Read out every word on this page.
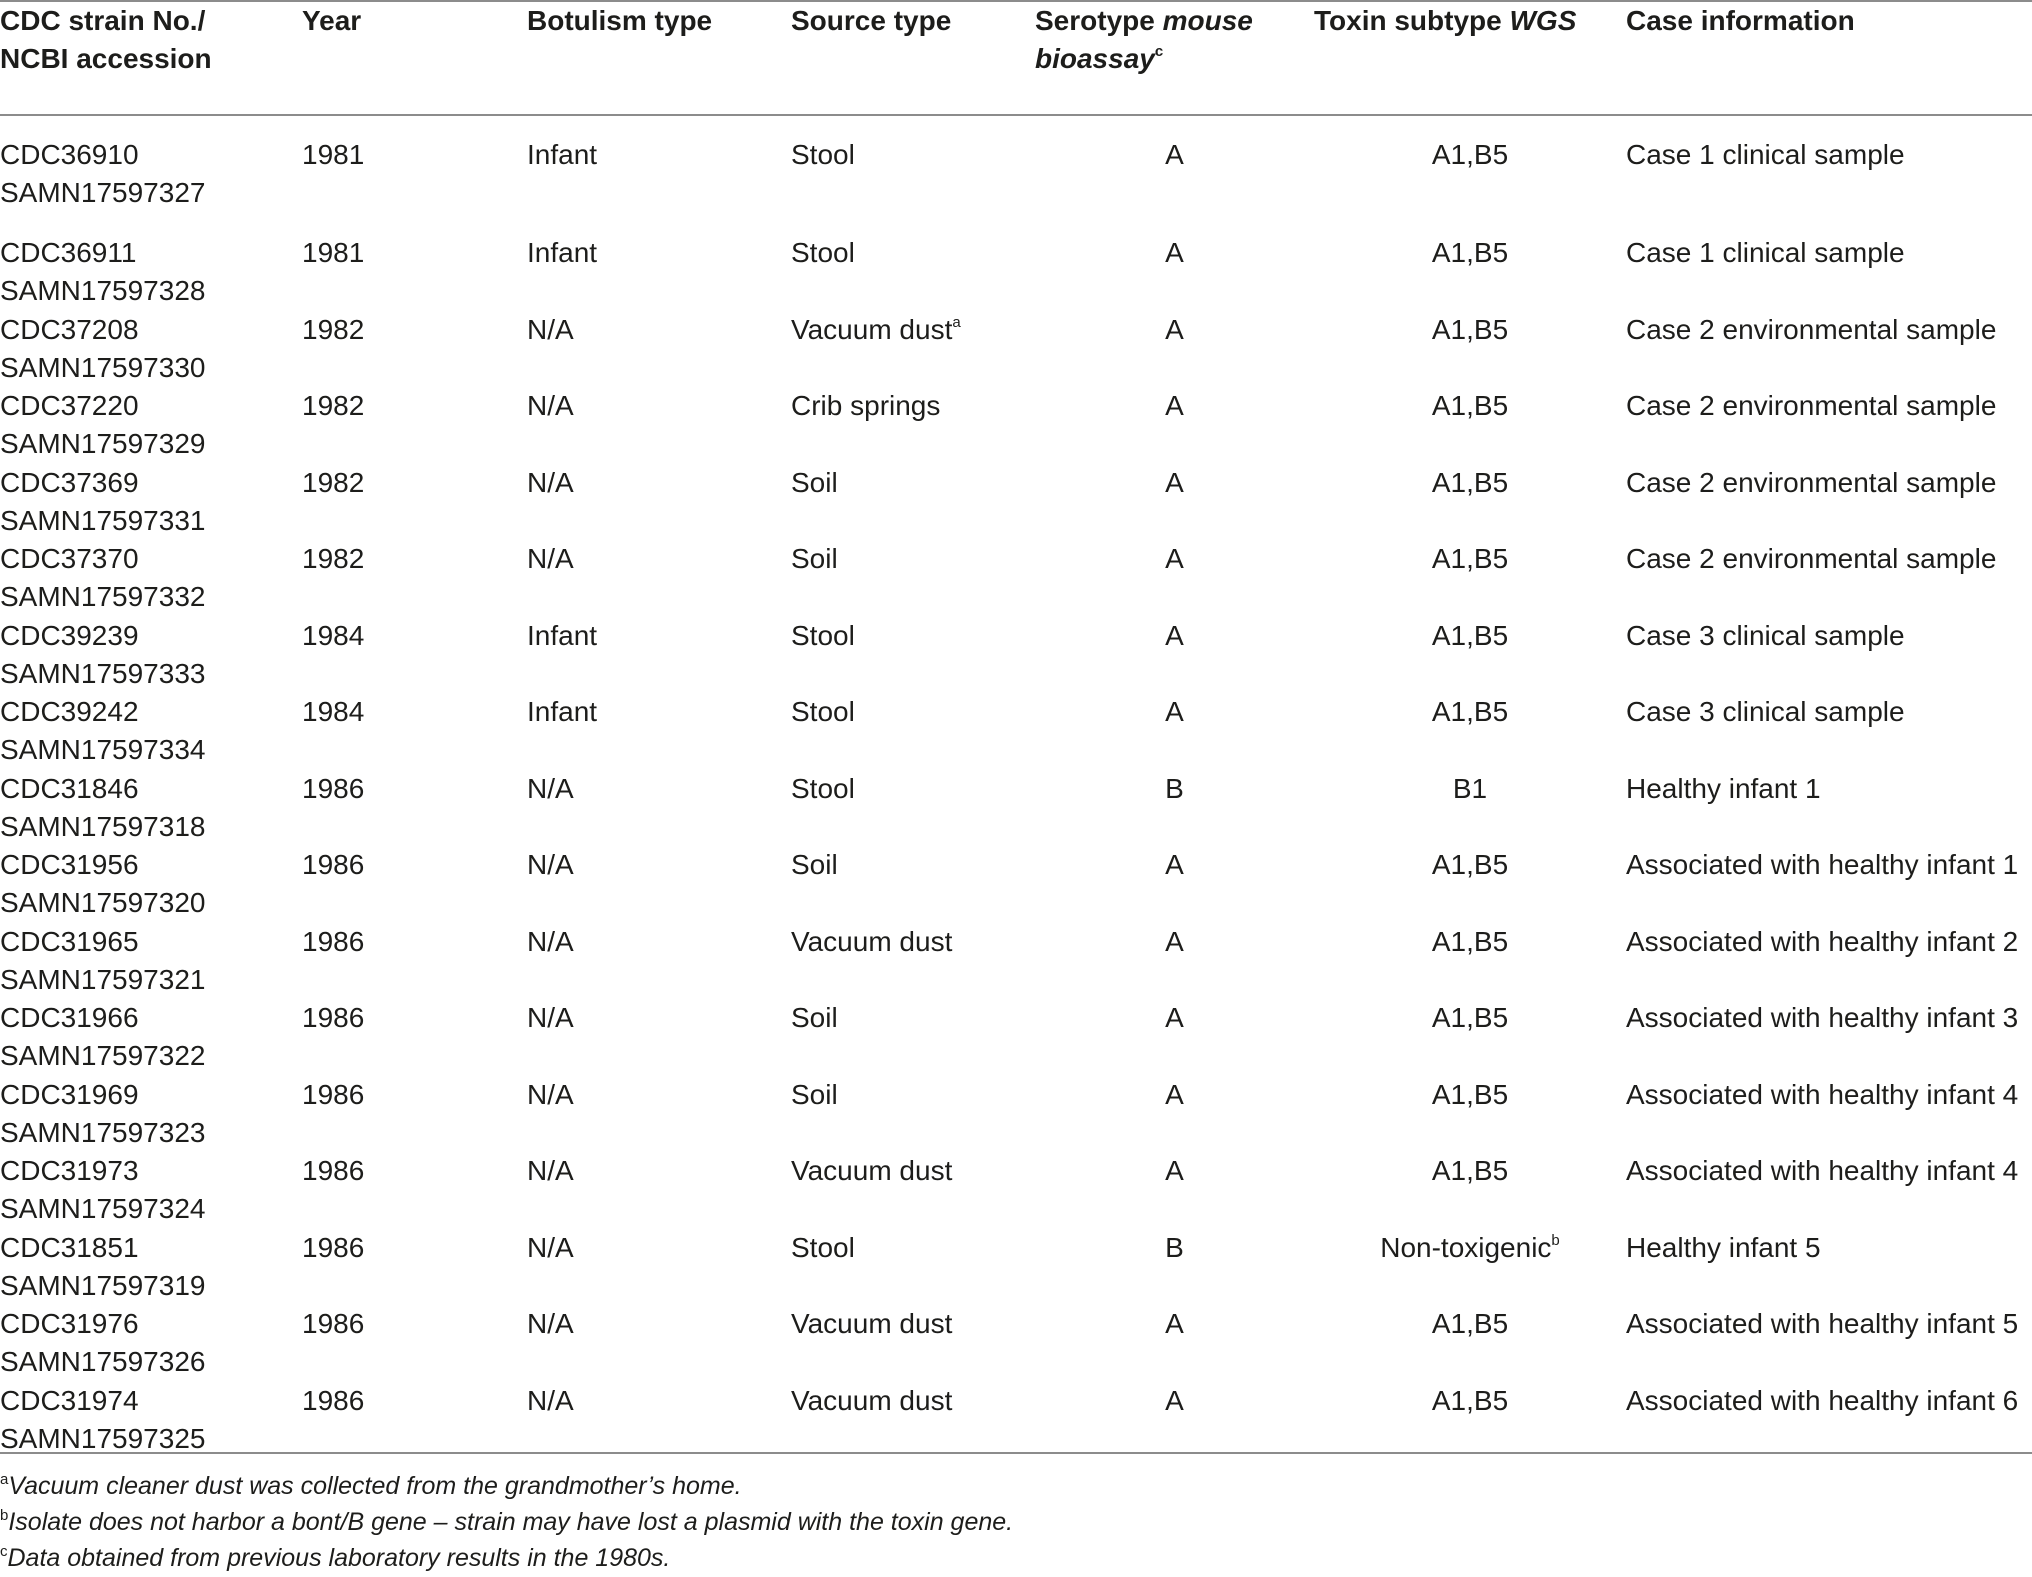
CDC strain No./
NCBI accession	Year	Botulism type	Source type	Serotype mouse
bioassay$^c$	Toxin subtype WGS	Case information
CDC36910
SAMN17597327	1981	Infant	Stool	A	A1,B5	Case 1 clinical sample
CDC36911
SAMN17597328	1981	Infant	Stool	A	A1,B5	Case 1 clinical sample
CDC37208
SAMN17597330	1982	N/A	Vacuum dust$^a$	A	A1,B5	Case 2 environmental sample
CDC37220
SAMN17597329	1982	N/A	Crib springs	A	A1,B5	Case 2 environmental sample
CDC37369
SAMN17597331	1982	N/A	Soil	A	A1,B5	Case 2 environmental sample
CDC37370
SAMN17597332	1982	N/A	Soil	A	A1,B5	Case 2 environmental sample
CDC39239
SAMN17597333	1984	Infant	Stool	A	A1,B5	Case 3 clinical sample
CDC39242
SAMN17597334	1984	Infant	Stool	A	A1,B5	Case 3 clinical sample
CDC31846
SAMN17597318	1986	N/A	Stool	B	B1	Healthy infant 1
CDC31956
SAMN17597320	1986	N/A	Soil	A	A1,B5	Associated with healthy infant 1
CDC31965
SAMN17597321	1986	N/A	Vacuum dust	A	A1,B5	Associated with healthy infant 2
CDC31966
SAMN17597322	1986	N/A	Soil	A	A1,B5	Associated with healthy infant 3
CDC31969
SAMN17597323	1986	N/A	Soil	A	A1,B5	Associated with healthy infant 4
CDC31973
SAMN17597324	1986	N/A	Vacuum dust	A	A1,B5	Associated with healthy infant 4
CDC31851
SAMN17597319	1986	N/A	Stool	B	Non-toxigenic$^b$	Healthy infant 5
CDC31976
SAMN17597326	1986	N/A	Vacuum dust	A	A1,B5	Associated with healthy infant 5
CDC31974
SAMN17597325	1986	N/A	Vacuum dust	A	A1,B5	Associated with healthy infant 6
$^a$Vacuum cleaner dust was collected from the grandmother’s home.
$^b$Isolate does not harbor a bont/B gene – strain may have lost a plasmid with the toxin gene.
$^c$Data obtained from previous laboratory results in the 1980s.
